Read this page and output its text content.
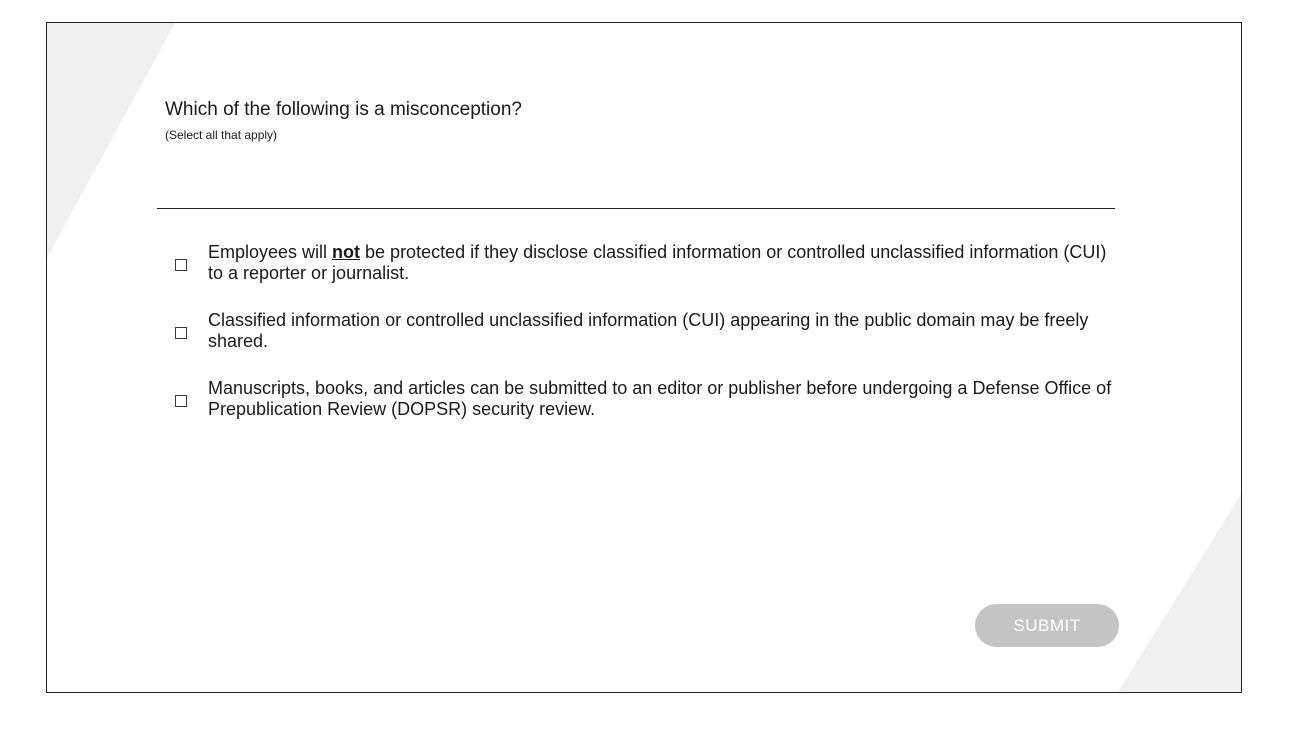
Which of the following is a misconception?
(Select all that apply)
Employees will not be protected if they disclose classified information or controlled unclassified information (CUI) to a reporter or journalist.
Classified information or controlled unclassified information (CUI) appearing in the public domain may be freely shared.
Manuscripts, books, and articles can be submitted to an editor or publisher before undergoing a Defense Office of Prepublication Review (DOPSR) security review.
SUBMIT
